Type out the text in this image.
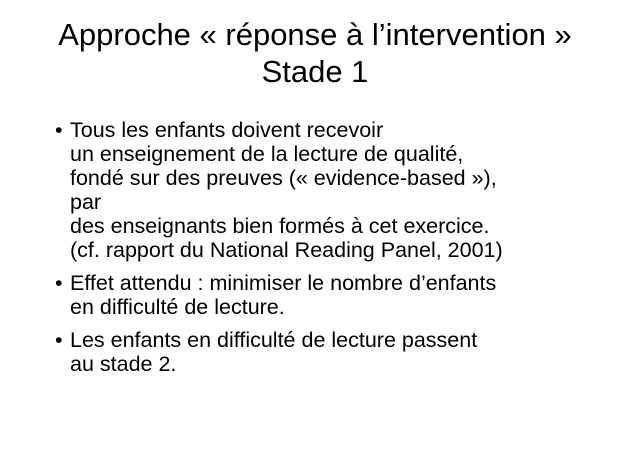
Approche « réponse à l’intervention »
Stade 1
• Tous les enfants doivent recevoir
un enseignement de la lecture de qualité,
fondé sur des preuves (« evidence-based »),
par
des enseignants bien formés à cet exercice.
(cf. rapport du National Reading Panel, 2001)
• Effet attendu : minimiser le nombre d’enfants
en difficulté de lecture.
• Les enfants en difficulté de lecture passent
au stade 2.
